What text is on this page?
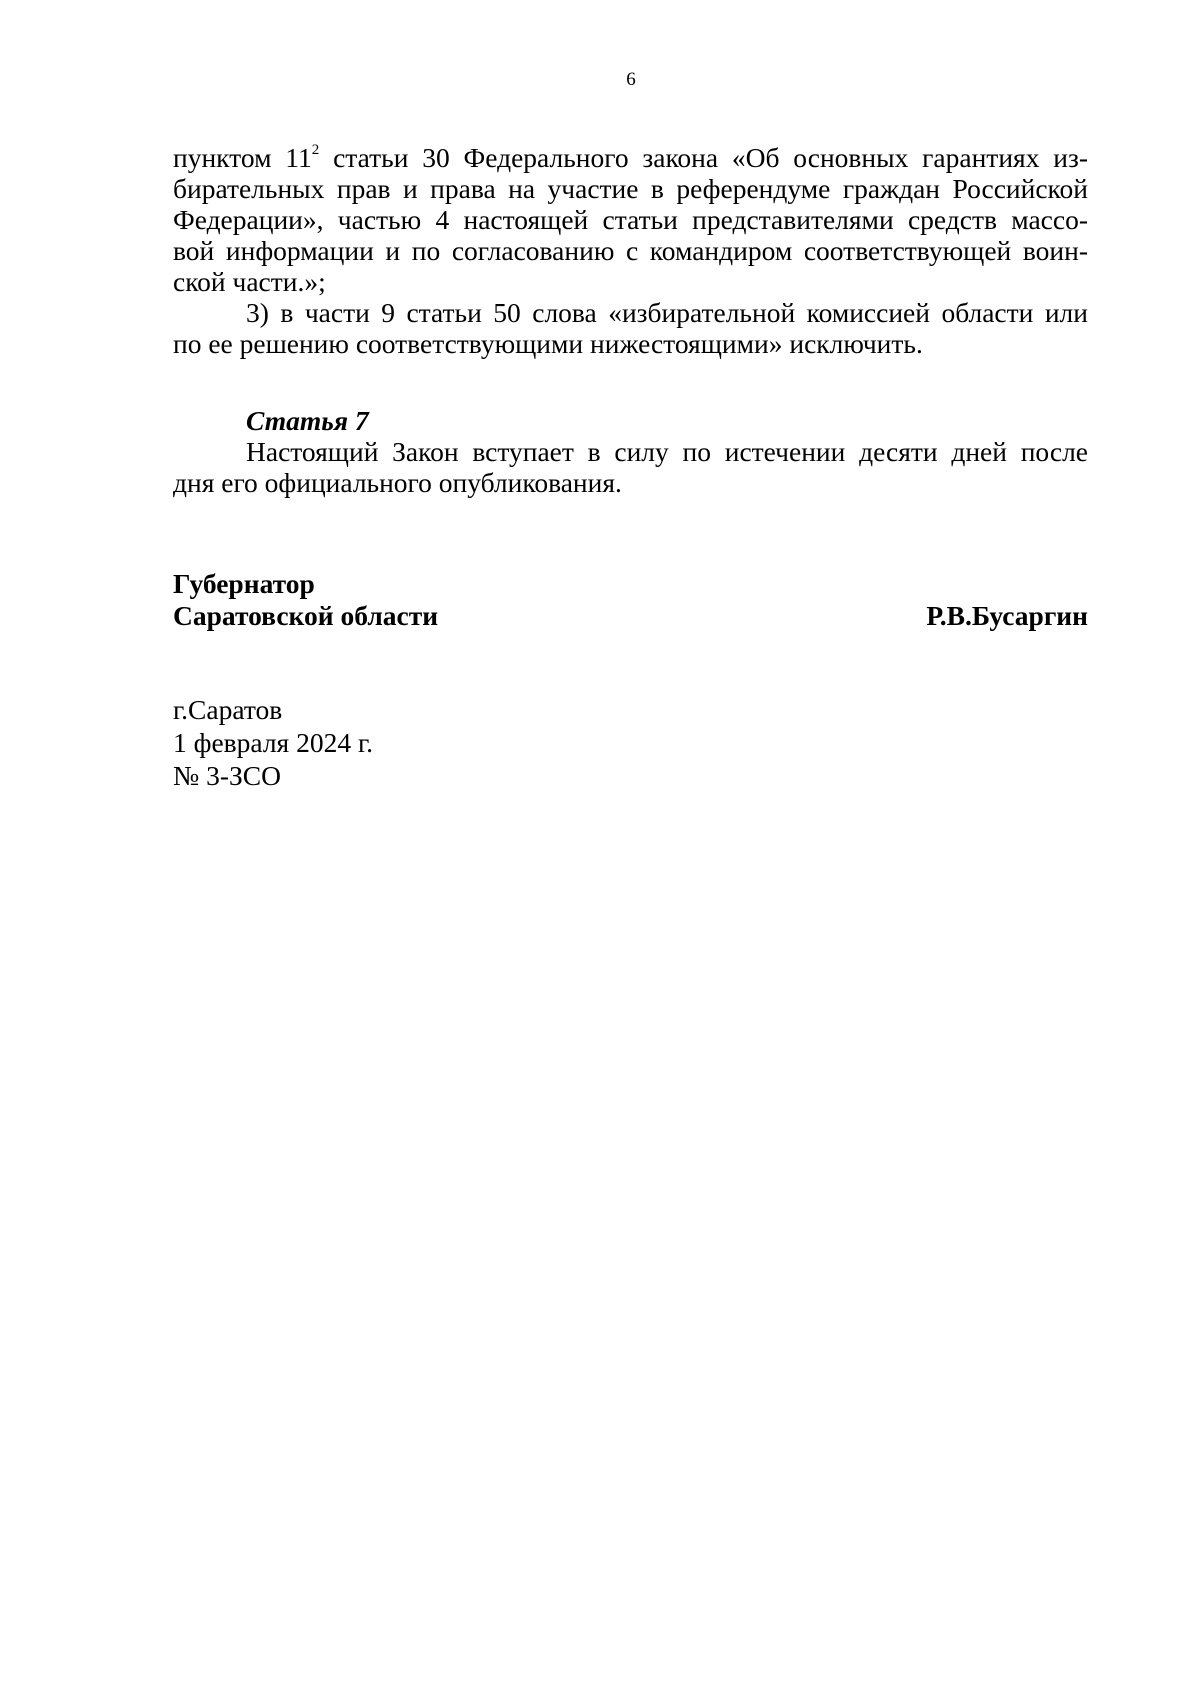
6
пунктом $11^2$ статьи 30 Федерального закона «Об основных гарантиях из-
бирательных прав и права на участие в референдуме граждан Российской
Федерации», частью 4 настоящей статьи представителями средств массо-
вой информации и по согласованию с командиром соответствующей воин-
ской части.»;
3) в части 9 статьи 50 слова «избирательной комиссией области или
по ее решению соответствующими нижестоящими» исключить.
Статья 7
Настоящий Закон вступает в силу по истечении десяти дней после
дня его официального опубликования.
Губернатор
Саратовской области	Р.В.Бусаргин
г.Саратов
1 февраля 2024 г.
№ 3-ЗСО
